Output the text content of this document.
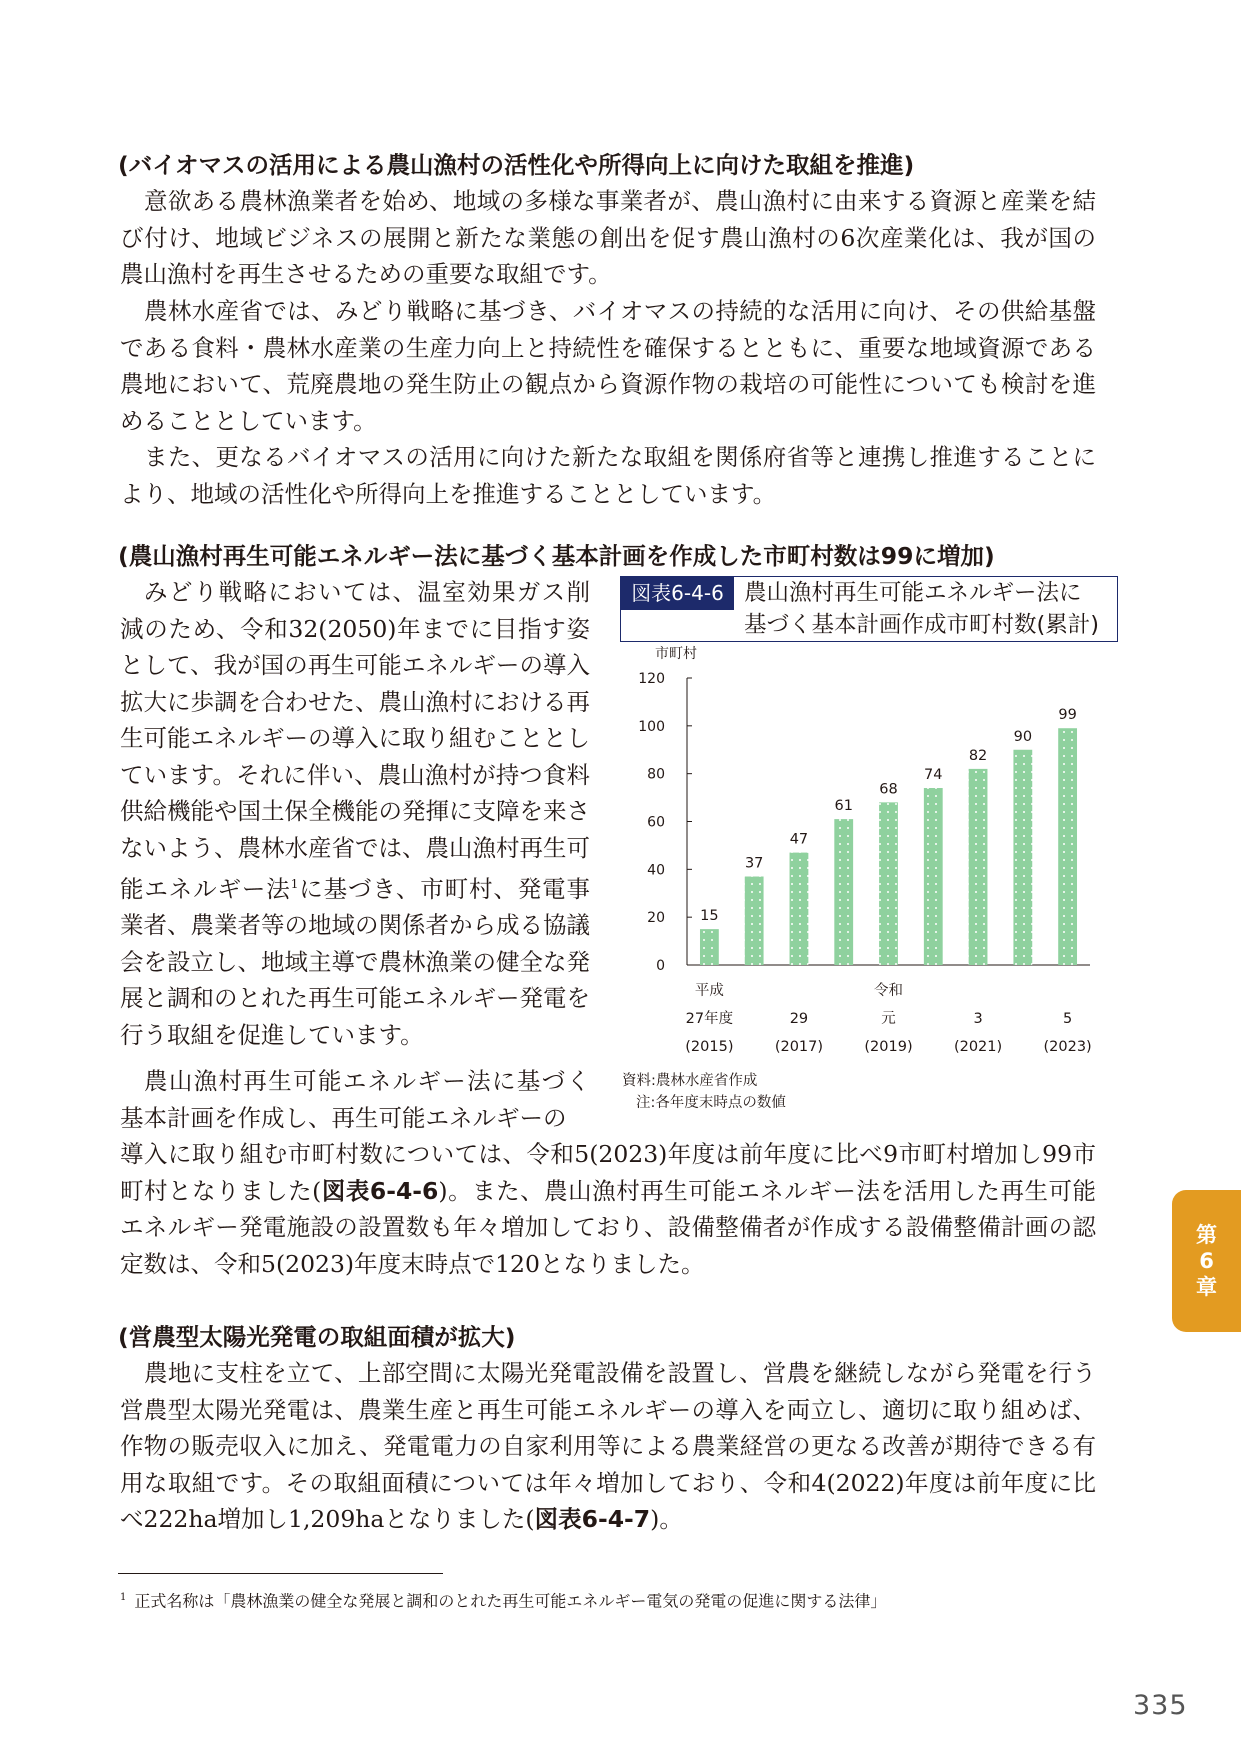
(バイオマスの活用による農山漁村の活性化や所得向上に向けた取組を推進)

意欲ある農林漁業者を始め、地域の多様な事業者が、農山漁村に由来する資源と産業を結び付け、地域ビジネスの展開と新たな業態の創出を促す農山漁村の6次産業化は、我が国の農山漁村を再生させるための重要な取組です。

農林水産省では、みどり戦略に基づき、バイオマスの持続的な活用に向け、その供給基盤である食料・農林水産業の生産力向上と持続性を確保するとともに、重要な地域資源である農地において、荒廃農地の発生防止の観点から資源作物の栽培の可能性についても検討を進めることとしています。

また、更なるバイオマスの活用に向けた新たな取組を関係府省等と連携し推進することにより、地域の活性化や所得向上を推進することとしています。

(農山漁村再生可能エネルギー法に基づく基本計画を作成した市町村数は99に増加)

みどり戦略においては、温室効果ガス削減のため、令和32(2050)年までに目指す姿として、我が国の再生可能エネルギーの導入拡大に歩調を合わせた、農山漁村における再生可能エネルギーの導入に取り組むこととしています。それに伴い、農山漁村が持つ食料供給機能や国土保全機能の発揮に支障を来さないよう、農林水産省では、農山漁村再生可能エネルギー法$^1$に基づき、市町村、発電事業者、農業者等の地域の関係者から成る協議会を設立し、地域主導で農林漁業の健全な発展と調和のとれた再生可能エネルギー発電を行う取組を促進しています。

農山漁村再生可能エネルギー法に基づく基本計画を作成し、再生可能エネルギーの

導入に取り組む市町村数については、令和5(2023)年度は前年度に比べ9市町村増加し99市町村となりました(図表6-4-6)。また、農山漁村再生可能エネルギー法を活用した再生可能エネルギー発電施設の設置数も年々増加しており、設備整備者が作成する設備整備計画の認定数は、令和5(2023)年度末時点で120となりました。

図表6-4-6 農山漁村再生可能エネルギー法に
基づく基本計画作成市町村数(累計)
市町村
0
20
40
60
80
100
120
15
37
47
61
68
74
82
90
99
平成
27年度
(2015)
29
(2017)
令和
元
(2019)
3
(2021)
5
(2023)
資料:農林水産省作成
注:各年度末時点の数値
(営農型太陽光発電の取組面積が拡大)

農地に支柱を立て、上部空間に太陽光発電設備を設置し、営農を継続しながら発電を行う営農型太陽光発電は、農業生産と再生可能エネルギーの導入を両立し、適切に取り組めば、作物の販売収入に加え、発電電力の自家利用等による農業経営の更なる改善が期待できる有用な取組です。その取組面積については年々増加しており、令和4(2022)年度は前年度に比べ222ha増加し1,209haとなりました(図表6-4-7)。

$^1$ 正式名称は「農林漁業の健全な発展と調和のとれた再生可能エネルギー電気の発電の促進に関する法律」
第
6
章
335
